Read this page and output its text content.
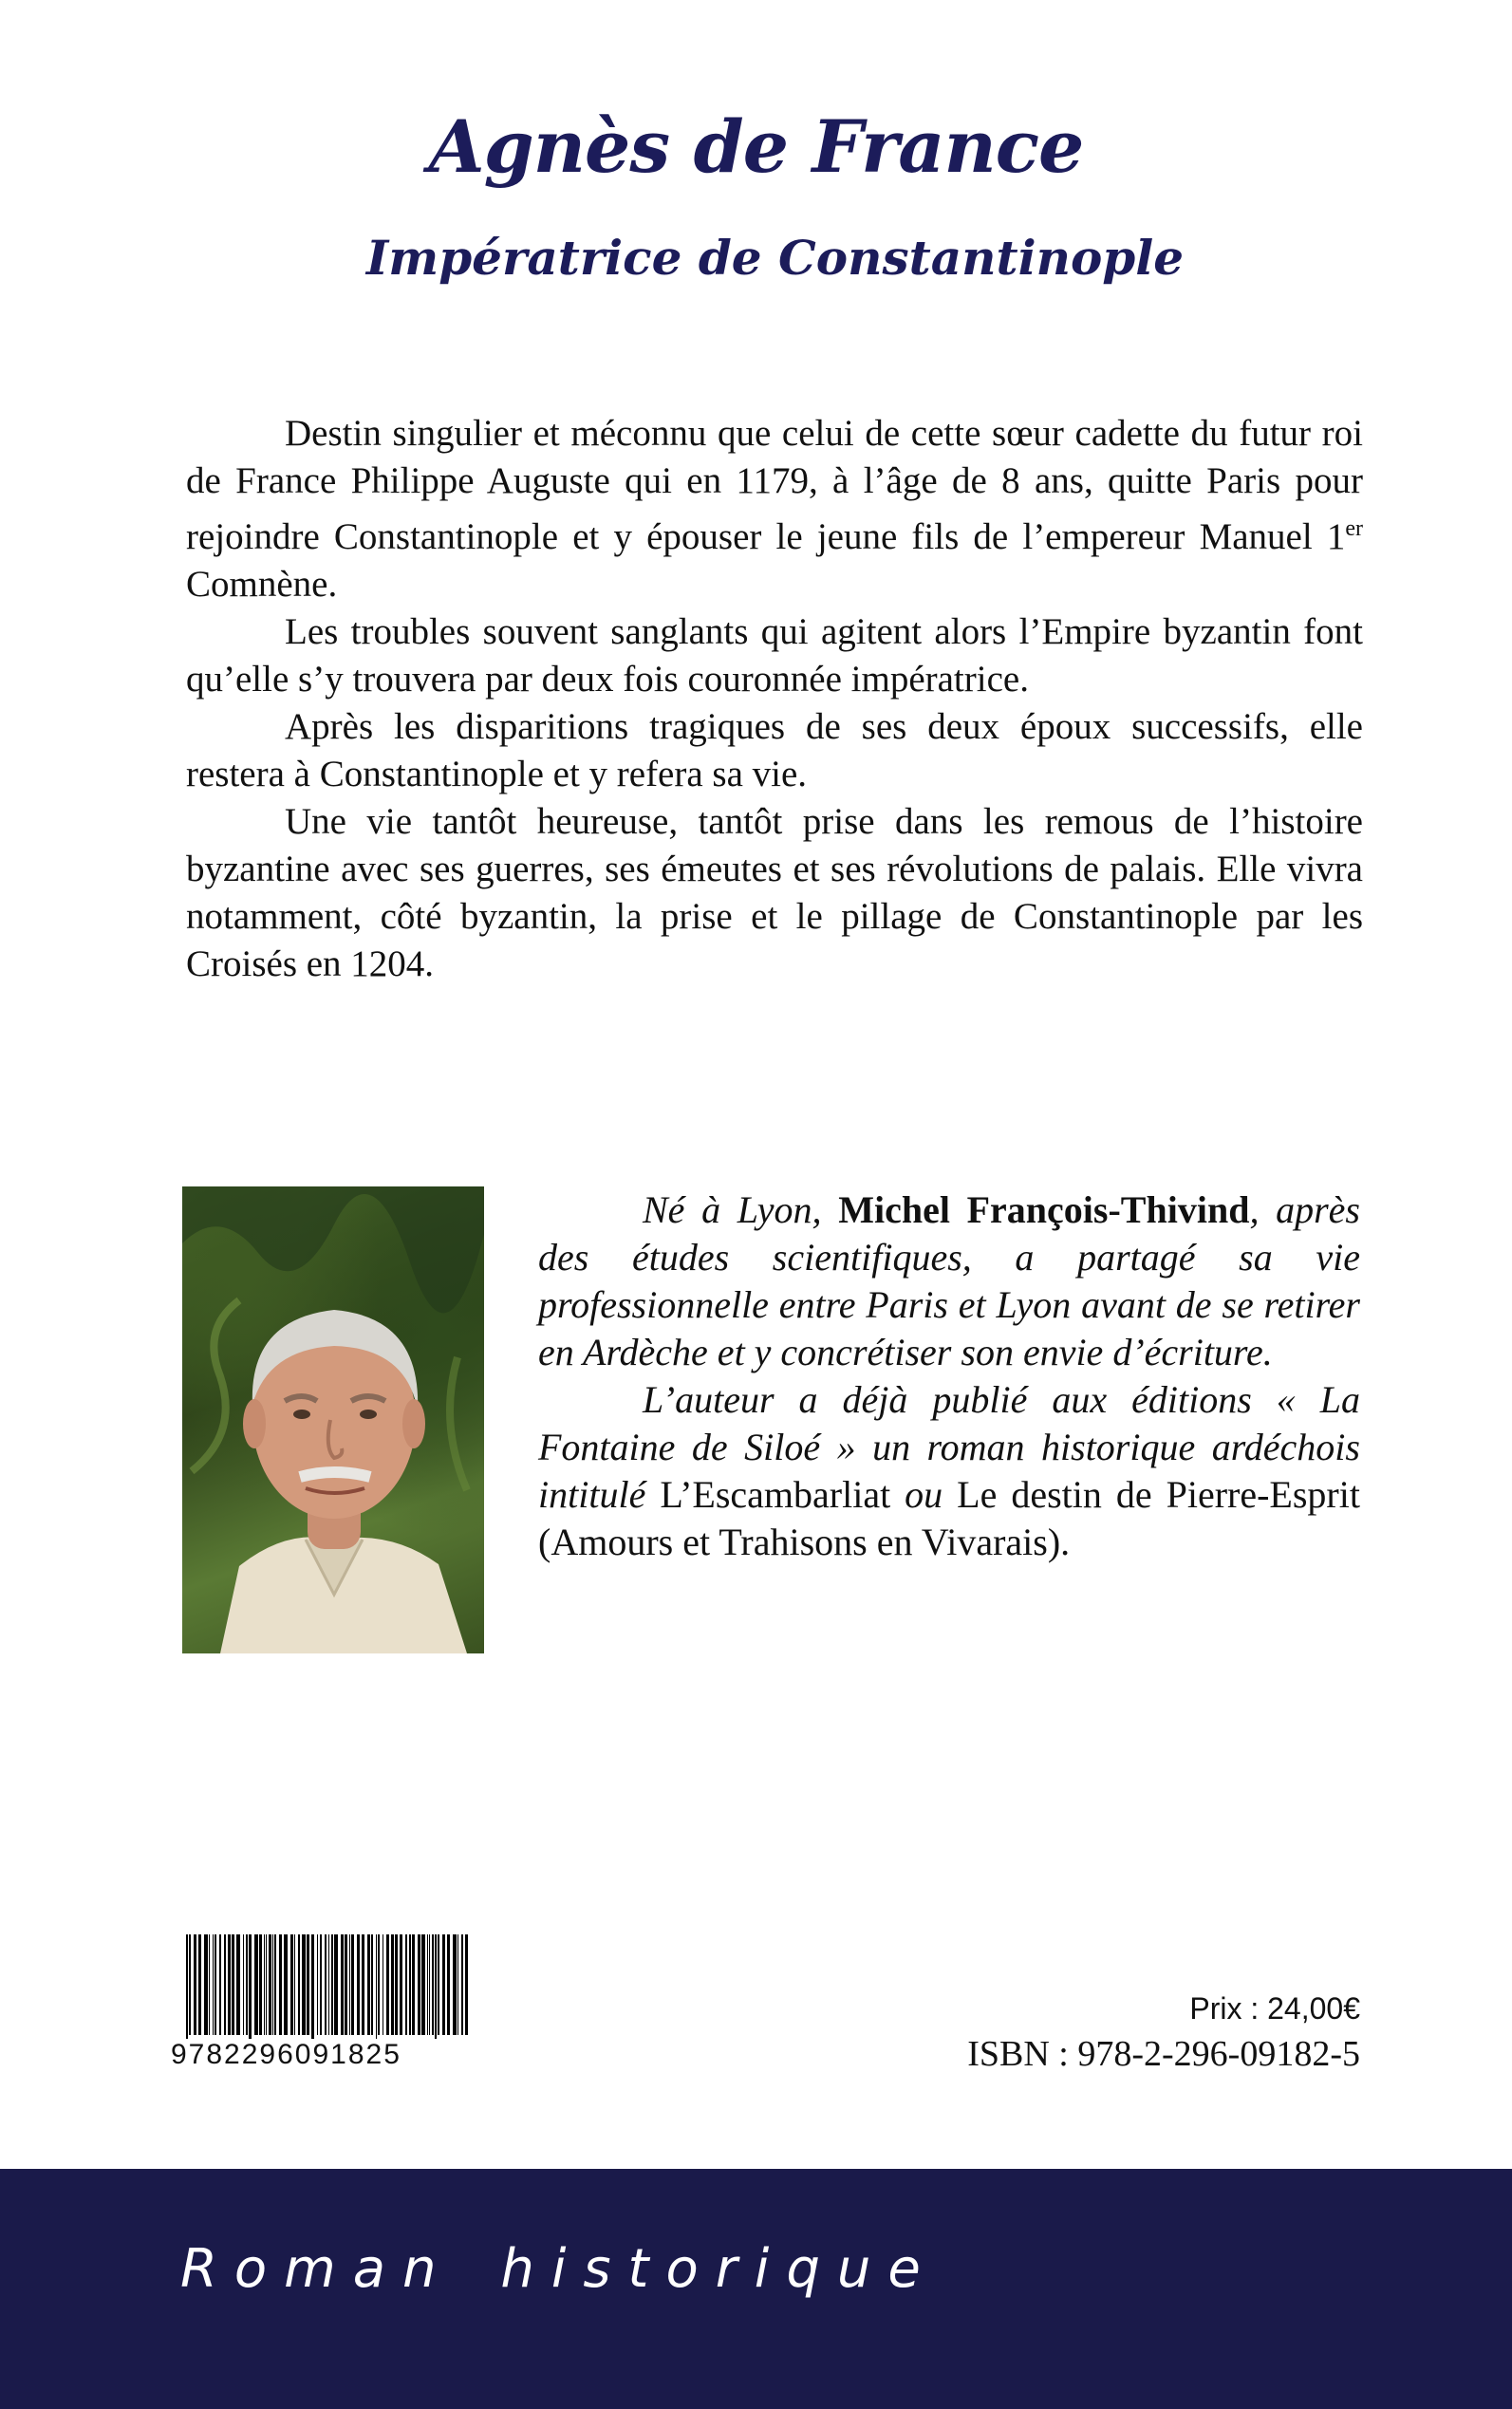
Agnès de France
Impératrice de Constantinople

Destin singulier et méconnu que celui de cette sœur cadette du futur roi de France Philippe Auguste qui en 1179, à l’âge de 8 ans, quitte Paris pour rejoindre Constantinople et y épouser le jeune fils de l’empereur Manuel 1er Comnène.

Les troubles souvent sanglants qui agitent alors l’Empire byzantin font qu’elle s’y trouvera par deux fois couronnée impératrice.

Après les disparitions tragiques de ses deux époux successifs, elle restera à Constantinople et y refera sa vie.

Une vie tantôt heureuse, tantôt prise dans les remous de l’histoire byzantine avec ses guerres, ses émeutes et ses révolutions de palais. Elle vivra notamment, côté byzantin, la prise et le pillage de Constantinople par les Croisés en 1204.

Né à Lyon, Michel François-Thivind, après des études scientifiques, a partagé sa vie professionnelle entre Paris et Lyon avant de se retirer en Ardèche et y concrétiser son envie d’écriture.

L’auteur a déjà publié aux éditions « La Fontaine de Siloé » un roman historique ardéchois intitulé L’Escambarliat ou Le destin de Pierre-Esprit (Amours et Trahisons en Vivarais).

9782296091825
Prix : 24,00€
ISBN : 978-2-296-09182-5
Roman historique
